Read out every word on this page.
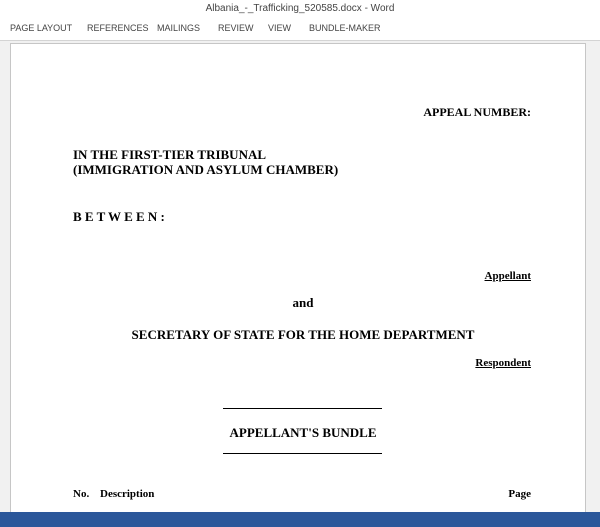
Albania_-_Trafficking_520585.docx - Word
PAGE LAYOUT REFERENCES MAILINGS REVIEW VIEW BUNDLE-MAKER
APPEAL NUMBER:
IN THE FIRST-TIER TRIBUNAL
(IMMIGRATION AND ASYLUM CHAMBER)
B E T W E E N :
Appellant
and
SECRETARY OF STATE FOR THE HOME DEPARTMENT
Respondent
APPELLANT'S BUNDLE
No. Description	Page
